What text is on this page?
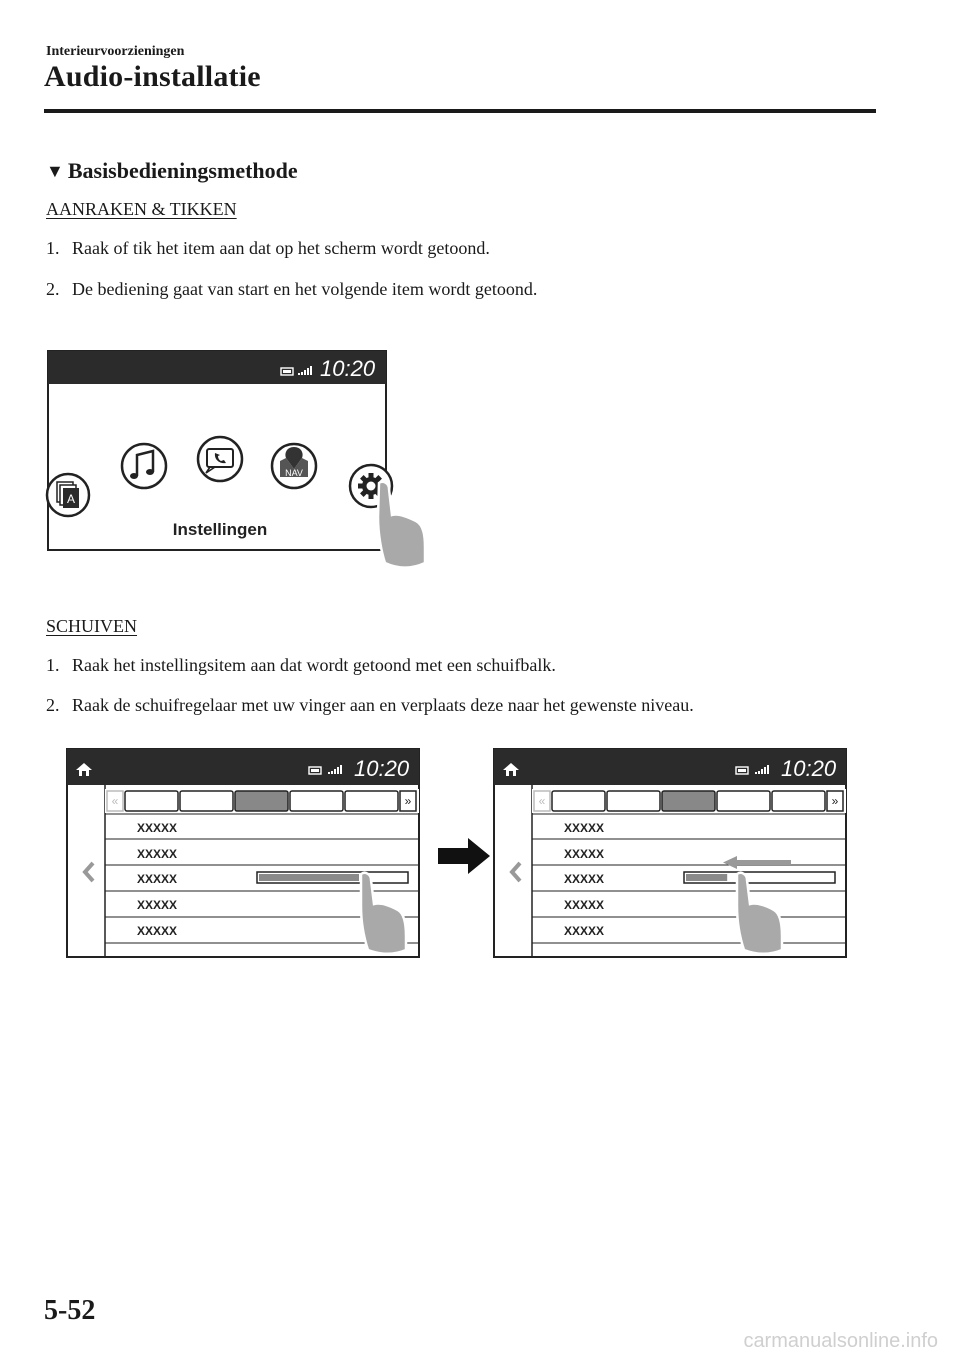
Interieurvoorzieningen
Audio-installatie
▼ Basisbedieningsmethode
AANRAKEN & TIKKEN
1. Raak of tik het item aan dat op het scherm wordt getoond.
2. De bediening gaat van start en het volgende item wordt getoond.
10:20
A
NAV
Instellingen
SCHUIVEN
1. Raak het instellingsitem aan dat wordt getoond met een schuifbalk.
2. Raak de schuifregelaar met uw vinger aan en verplaats deze naar het gewenste niveau.
10:20
«	»
XXXXX
XXXXX
XXXXX
XXXXX
XXXXX
10:20
«	»
XXXXX
XXXXX
XXXXX
XXXXX
XXXXX
5-52
carmanualsonline.info
